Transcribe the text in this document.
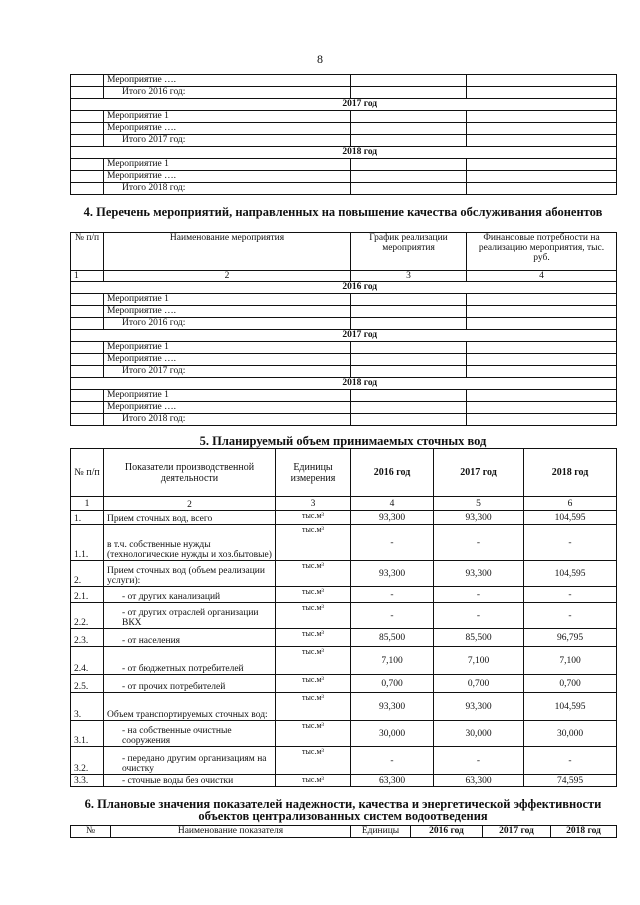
8
	Мероприятие ….		
	Итого 2016 год:		
	2017 год		
	Мероприятие 1		
	Мероприятие ….		
	Итого 2017 год:		
	2018 год		
	Мероприятие 1		
	Мероприятие ….		
	Итого 2018 год:		
4. Перечень мероприятий, направленных на повышение качества обслуживания абонентов
№ п/п	Наименование мероприятия	График реализации мероприятия	Финансовые потребности на реализацию мероприятия, тыс. руб.
1	2	3	4
	2016 год		
	Мероприятие 1		
	Мероприятие ….		
	Итого 2016 год:		
	2017 год		
	Мероприятие 1		
	Мероприятие ….		
	Итого 2017 год:		
	2018 год		
	Мероприятие 1		
	Мероприятие ….		
	Итого 2018 год:		
5. Планируемый объем принимаемых сточных вод
№ п/п	Показатели производственной деятельности	Единицы измерения	2016 год	2017 год	2018 год
1	2	3	4	5	6
1.	Прием сточных вод, всего	тыс.м³	93,300	93,300	104,595
1.1.	в т.ч. собственные нужды (технологические нужды и хоз.бытовые)	тыс.м³	-	-	-
2.	Прием сточных вод (объем реализации услуги):	тыс.м³	93,300	93,300	104,595
2.1.	- от других канализаций	тыс.м³	-	-	-
2.2.	- от других отраслей организации ВКХ	тыс.м³	-	-	-
2.3.	- от населения	тыс.м³	85,500	85,500	96,795
2.4.	- от бюджетных потребителей	тыс.м³	7,100	7,100	7,100
2.5.	- от прочих потребителей	тыс.м³	0,700	0,700	0,700
3.	Объем транспортируемых сточных вод:	тыс.м³	93,300	93,300	104,595
3.1.	- на собственные очистные сооружения	тыс.м³	30,000	30,000	30,000
3.2.	- передано другим организациям на очистку	тыс.м³	-	-	-
3.3.	- сточные воды без очистки	тыс.м³	63,300	63,300	74,595
6. Плановые значения показателей надежности, качества и энергетической эффективности объектов централизованных систем водоотведения
№	Наименование показателя	Единицы	2016 год	2017 год	2018 год
